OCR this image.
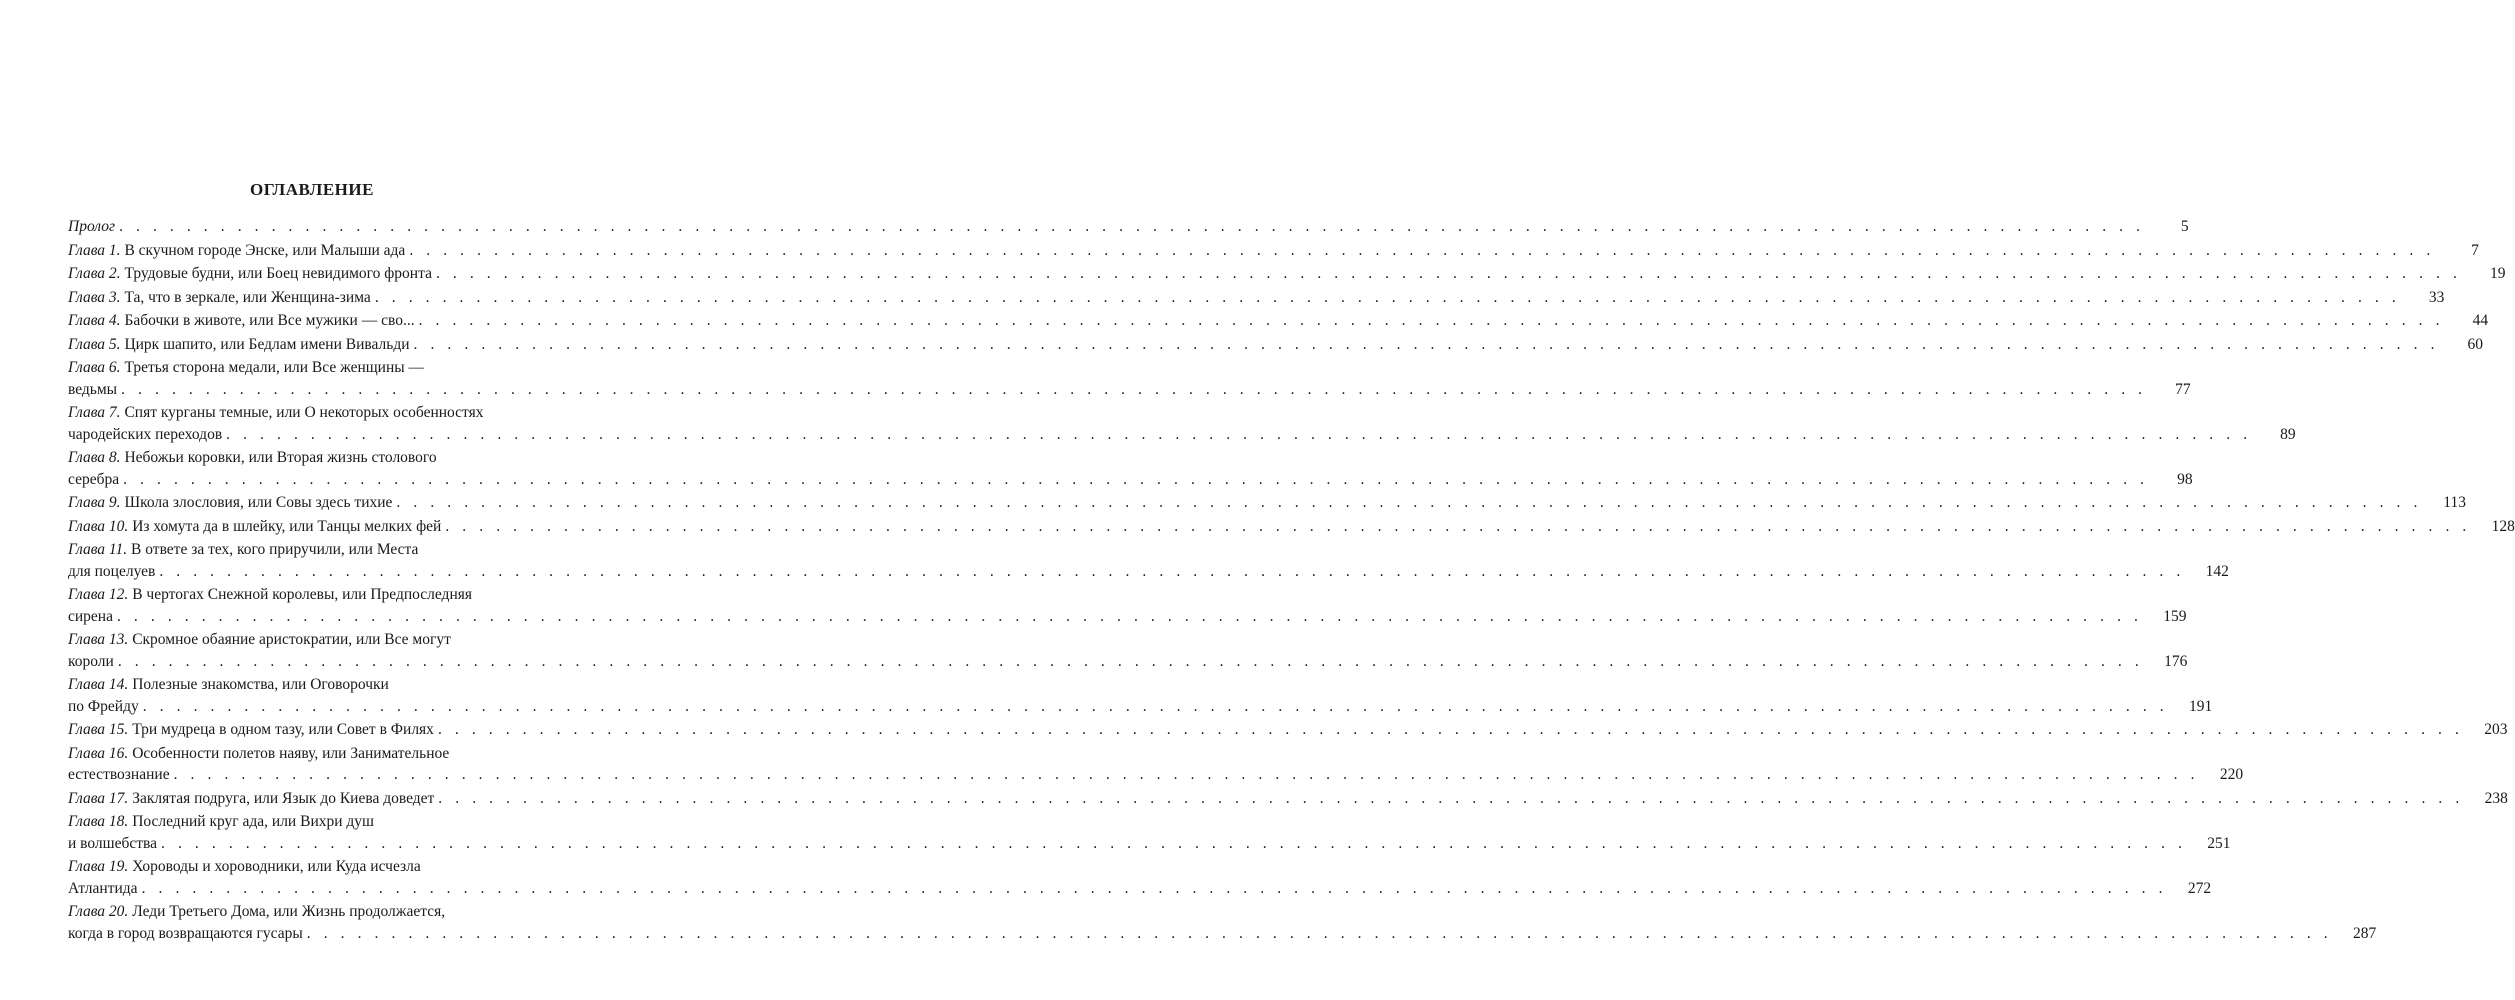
ОГЛАВЛЕНИЕ
Пролог . . . . . . . . . . . . . . . . . . . . . . . . . . . . . . . . . . . . . . . . . . . . . . . . . . . . . . . . . . . . . . . . . . . . . . . . . . . . . . . . . . . . . . . . . . . . . . . . . . . . . . . . . . . . . . . . . . . . . . . .	5
Глава 1. В скучном городе Энске, или Малыши ада . . . . . . . . . . . . . . . . . . . . . . . . . . . . . . . . . . . . . . . . . . . . . . . . . . . . . . . . . . . . . . . . . . . . . . . . . . . . . . . . . . . . . . . . . . . . . . . . . . . . . . . . . . . . . . . . . . . . . . . .	7
Глава 2. Трудовые будни, или Боец невидимого фронта . . . . . . . . . . . . . . . . . . . . . . . . . . . . . . . . . . . . . . . . . . . . . . . . . . . . . . . . . . . . . . . . . . . . . . . . . . . . . . . . . . . . . . . . . . . . . . . . . . . . . . . . . . . . . . . . . . . . . . . .	19
Глава 3. Та, что в зеркале, или Женщина-зима . . . . . . . . . . . . . . . . . . . . . . . . . . . . . . . . . . . . . . . . . . . . . . . . . . . . . . . . . . . . . . . . . . . . . . . . . . . . . . . . . . . . . . . . . . . . . . . . . . . . . . . . . . . . . . . . . . . . . . . .	33
Глава 4. Бабочки в животе, или Все мужики — сво... . . . . . . . . . . . . . . . . . . . . . . . . . . . . . . . . . . . . . . . . . . . . . . . . . . . . . . . . . . . . . . . . . . . . . . . . . . . . . . . . . . . . . . . . . . . . . . . . . . . . . . . . . . . . . . . . . . . . . . . .	44
Глава 5. Цирк шапито, или Бедлам имени Вивальди . . . . . . . . . . . . . . . . . . . . . . . . . . . . . . . . . . . . . . . . . . . . . . . . . . . . . . . . . . . . . . . . . . . . . . . . . . . . . . . . . . . . . . . . . . . . . . . . . . . . . . . . . . . . . . . . . . . . . . . .	60
Глава 6. Третья сторона медали, или Все женщины —
ведьмы . . . . . . . . . . . . . . . . . . . . . . . . . . . . . . . . . . . . . . . . . . . . . . . . . . . . . . . . . . . . . . . . . . . . . . . . . . . . . . . . . . . . . . . . . . . . . . . . . . . . . . . . . . . . . . . . . . . . . . . .	77
Глава 7. Спят курганы темные, или О некоторых особенностях
чародейских переходов . . . . . . . . . . . . . . . . . . . . . . . . . . . . . . . . . . . . . . . . . . . . . . . . . . . . . . . . . . . . . . . . . . . . . . . . . . . . . . . . . . . . . . . . . . . . . . . . . . . . . . . . . . . . . . . . . . . . . . . .	89
Глава 8. Небожьи коровки, или Вторая жизнь столового
серебра . . . . . . . . . . . . . . . . . . . . . . . . . . . . . . . . . . . . . . . . . . . . . . . . . . . . . . . . . . . . . . . . . . . . . . . . . . . . . . . . . . . . . . . . . . . . . . . . . . . . . . . . . . . . . . . . . . . . . . . .	98
Глава 9. Школа злословия, или Совы здесь тихие . . . . . . . . . . . . . . . . . . . . . . . . . . . . . . . . . . . . . . . . . . . . . . . . . . . . . . . . . . . . . . . . . . . . . . . . . . . . . . . . . . . . . . . . . . . . . . . . . . . . . . . . . . . . . . . . . . . . . . . .	113
Глава 10. Из хомута да в шлейку, или Танцы мелких фей . . . . . . . . . . . . . . . . . . . . . . . . . . . . . . . . . . . . . . . . . . . . . . . . . . . . . . . . . . . . . . . . . . . . . . . . . . . . . . . . . . . . . . . . . . . . . . . . . . . . . . . . . . . . . . . . . . . . . . . .	128
Глава 11. В ответе за тех, кого приручили, или Места
для поцелуев . . . . . . . . . . . . . . . . . . . . . . . . . . . . . . . . . . . . . . . . . . . . . . . . . . . . . . . . . . . . . . . . . . . . . . . . . . . . . . . . . . . . . . . . . . . . . . . . . . . . . . . . . . . . . . . . . . . . . . . .	142
Глава 12. В чертогах Снежной королевы, или Предпоследняя
сирена . . . . . . . . . . . . . . . . . . . . . . . . . . . . . . . . . . . . . . . . . . . . . . . . . . . . . . . . . . . . . . . . . . . . . . . . . . . . . . . . . . . . . . . . . . . . . . . . . . . . . . . . . . . . . . . . . . . . . . . .	159
Глава 13. Скромное обаяние аристократии, или Все могут
короли . . . . . . . . . . . . . . . . . . . . . . . . . . . . . . . . . . . . . . . . . . . . . . . . . . . . . . . . . . . . . . . . . . . . . . . . . . . . . . . . . . . . . . . . . . . . . . . . . . . . . . . . . . . . . . . . . . . . . . . .	176
Глава 14. Полезные знакомства, или Оговорочки
по Фрейду . . . . . . . . . . . . . . . . . . . . . . . . . . . . . . . . . . . . . . . . . . . . . . . . . . . . . . . . . . . . . . . . . . . . . . . . . . . . . . . . . . . . . . . . . . . . . . . . . . . . . . . . . . . . . . . . . . . . . . . .	191
Глава 15. Три мудреца в одном тазу, или Совет в Филях . . . . . . . . . . . . . . . . . . . . . . . . . . . . . . . . . . . . . . . . . . . . . . . . . . . . . . . . . . . . . . . . . . . . . . . . . . . . . . . . . . . . . . . . . . . . . . . . . . . . . . . . . . . . . . . . . . . . . . . .	203
Глава 16. Особенности полетов наяву, или Занимательное
естествознание . . . . . . . . . . . . . . . . . . . . . . . . . . . . . . . . . . . . . . . . . . . . . . . . . . . . . . . . . . . . . . . . . . . . . . . . . . . . . . . . . . . . . . . . . . . . . . . . . . . . . . . . . . . . . . . . . . . . . . . .	220
Глава 17. Заклятая подруга, или Язык до Киева доведет . . . . . . . . . . . . . . . . . . . . . . . . . . . . . . . . . . . . . . . . . . . . . . . . . . . . . . . . . . . . . . . . . . . . . . . . . . . . . . . . . . . . . . . . . . . . . . . . . . . . . . . . . . . . . . . . . . . . . . . .	238
Глава 18. Последний круг ада, или Вихри душ
и волшебства . . . . . . . . . . . . . . . . . . . . . . . . . . . . . . . . . . . . . . . . . . . . . . . . . . . . . . . . . . . . . . . . . . . . . . . . . . . . . . . . . . . . . . . . . . . . . . . . . . . . . . . . . . . . . . . . . . . . . . . .	251
Глава 19. Хороводы и хороводники, или Куда исчезла
Атлантида . . . . . . . . . . . . . . . . . . . . . . . . . . . . . . . . . . . . . . . . . . . . . . . . . . . . . . . . . . . . . . . . . . . . . . . . . . . . . . . . . . . . . . . . . . . . . . . . . . . . . . . . . . . . . . . . . . . . . . . .	272
Глава 20. Леди Третьего Дома, или Жизнь продолжается,
когда в город возвращаются гусары . . . . . . . . . . . . . . . . . . . . . . . . . . . . . . . . . . . . . . . . . . . . . . . . . . . . . . . . . . . . . . . . . . . . . . . . . . . . . . . . . . . . . . . . . . . . . . . . . . . . . . . . . . . . . . . . . . . . . . . .	287
